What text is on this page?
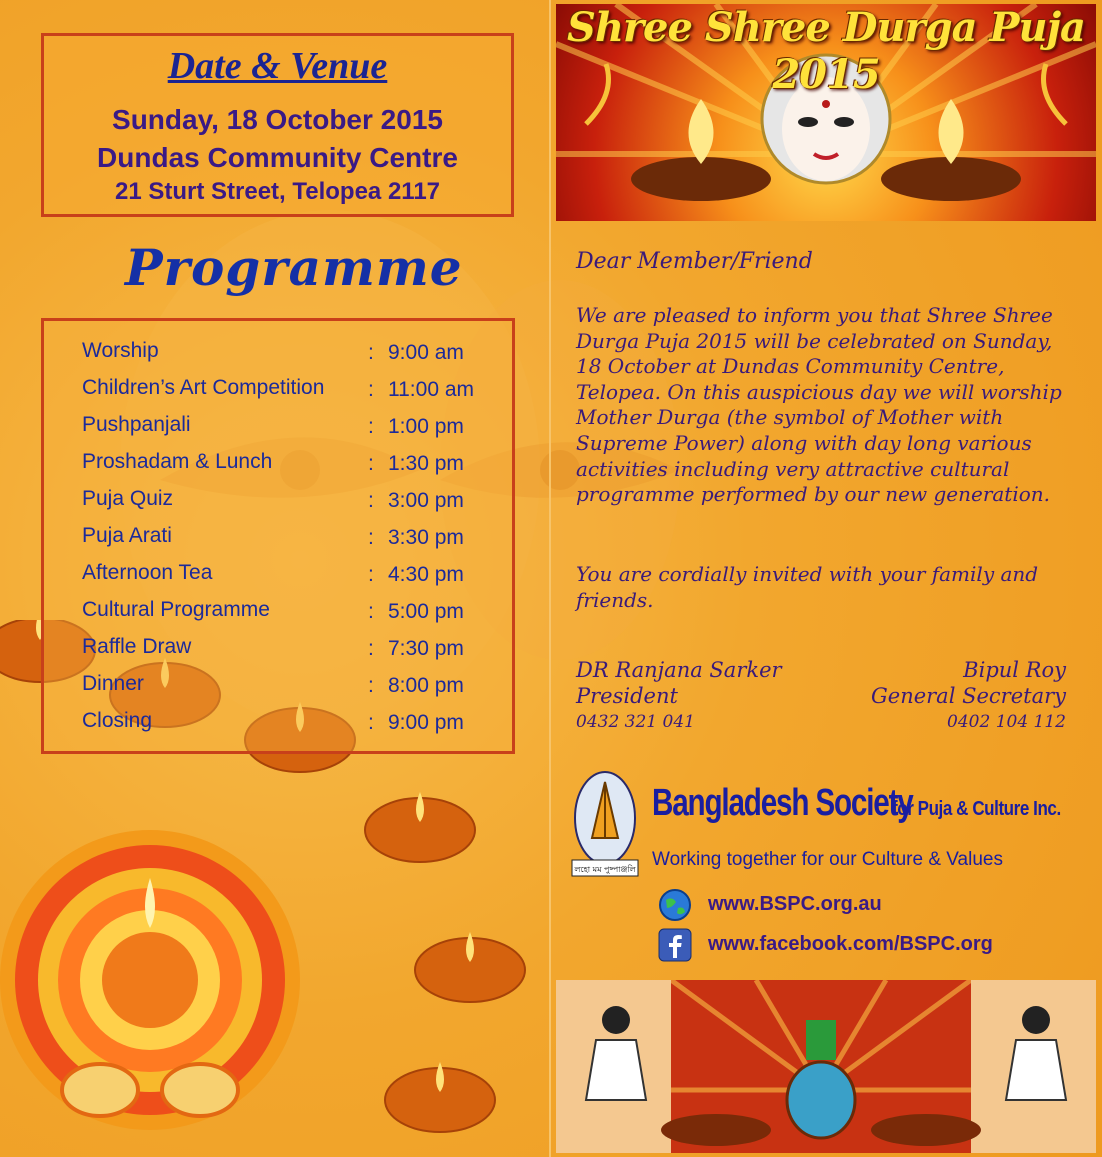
Date & Venue
Sunday, 18 October 2015
Dundas Community Centre
21 Sturt Street, Telopea 2117
Programme
Worship	: 9:00 am
Children’s Art Competition : 11:00 am
Pushpanjali	: 1:00 pm
Proshadam & Lunch	: 1:30 pm
Puja Quiz	: 3:00 pm
Puja Arati	: 3:30 pm
Afternoon Tea	: 4:30 pm
Cultural Programme	: 5:00 pm
Raffle Draw	: 7:30 pm
Dinner	: 8:00 pm
Closing	: 9:00 pm
Shree Shree Durga Puja 2015
Dear Member/Friend
We are pleased to inform you that Shree Shree Durga Puja 2015 will be celebrated on Sunday, 18 October at Dundas Community Centre, Telopea. On this auspicious day we will worship Mother Durga (the symbol of Mother with Supreme Power) along with day long various activities including very attractive cultural programme performed by our new generation.
You are cordially invited with your family and friends.
DR Ranjana Sarker
President
0432 321 041
Bipul Roy
General Secretary
0402 104 112
লহো মম পুষ্পাঞ্জলি
Bangladesh Society
for Puja & Culture Inc.
Working together for our Culture & Values
www.BSPC.org.au
www.facebook.com/BSPC.org
